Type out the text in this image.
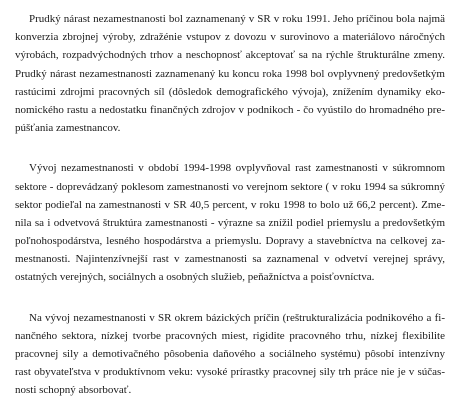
Prudký nárast nezamestnanosti bol zaznamenaný v SR v roku 1991. Jeho príčinou bola najmä
konverzia zbrojnej výroby, zdražénie vstupov z dovozu v surovinovo a materiálovo náročných
výrobách, rozpadvýchodných trhov a neschopnosť akceptovať sa na rýchle štrukturálne zmeny.
Prudký nárast nezamestnanosti zaznamenaný ku koncu roka 1998 bol ovplyvnený predovšetkým
rastúcimi zdrojmi pracovných síl (dôsledok demografického vývoja), znížením dynamiky eko-
nomického rastu a nedostatku finančných zdrojov v podnikoch - čo vyústilo do hromadného pre-
púšťania zamestnancov.
Vývoj nezamestnanosti v období 1994-1998 ovplyvňoval rast zamestnanosti v súkromnom
sektore - doprevádzaný poklesom zamestnanosti vo verejnom sektore ( v roku 1994 sa súkromný
sektor podieľal na zamestnanosti v SR 40,5 percent, v roku 1998 to bolo už 66,2 percent). Zme-
nila sa i odvetvová štruktúra zamestnanosti - výrazne sa znížil podiel priemyslu a predovšetkým
poľnohospodárstva, lesného hospodárstva a priemyslu. Dopravy a stavebníctva na celkovej za-
mestnanosti. Najintenzívnejší rast v zamestnanosti sa zaznamenal v odvetví verejnej správy,
ostatných verejných, sociálnych a osobných služieb, peňažníctva a poisťovníctva.
Na vývoj nezamestnanosti v SR okrem bázických príčin (reštrukturalizácia podnikového a fi-
nančného sektora, nízkej tvorbe pracovných miest, rigidite pracovného trhu, nízkej flexibilite
pracovnej sily a demotivačného pôsobenia daňového a sociálneho systému) pôsobí intenzívny
rast obyvateľstva v produktívnom veku: vysoké prírastky pracovnej sily trh práce nie je v súčas-
nosti schopný absorbovať.
